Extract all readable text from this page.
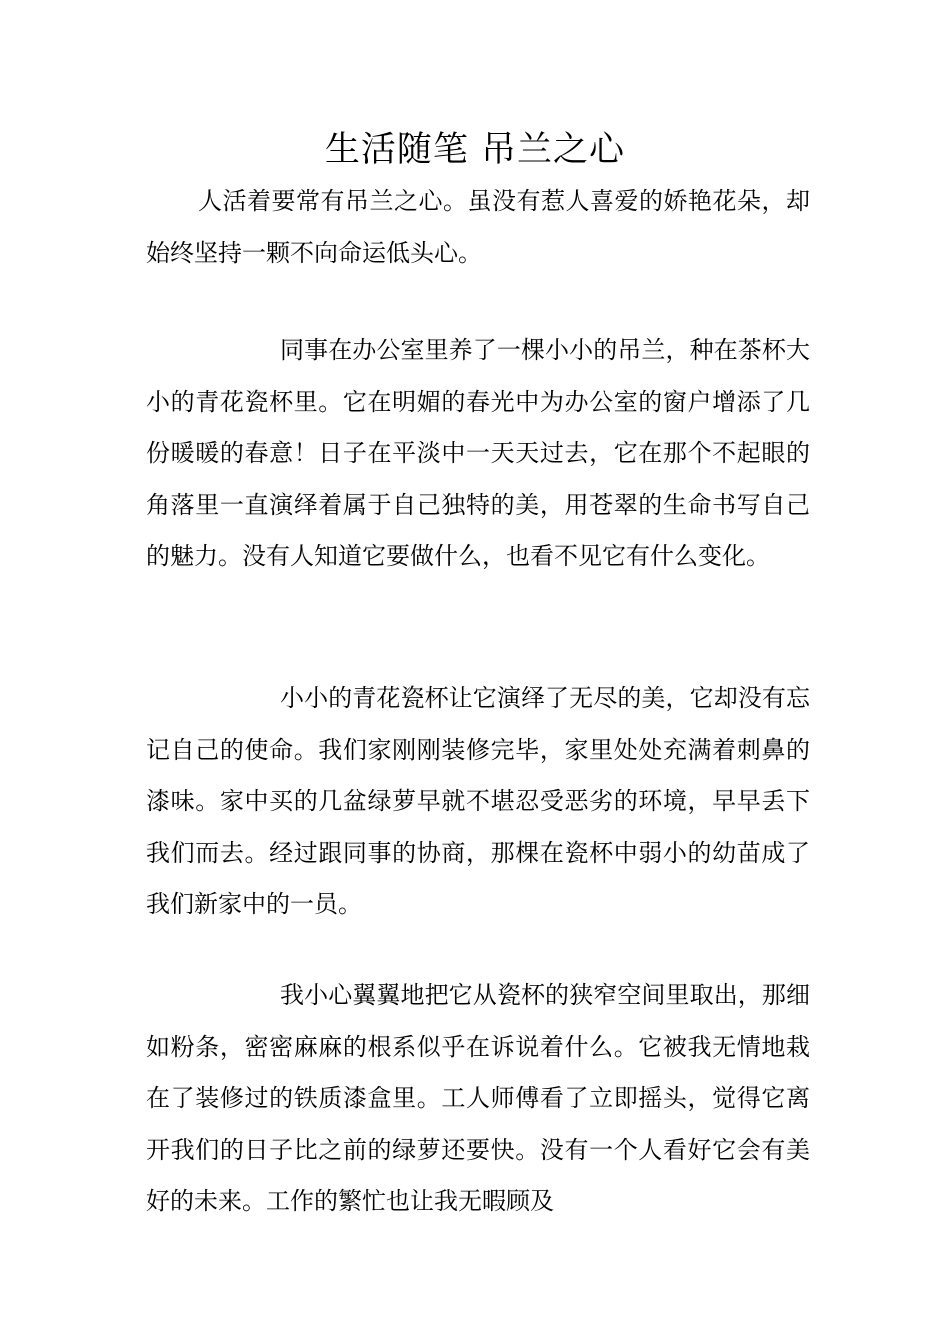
生活随笔 吊兰之心

人活着要常有吊兰之心。虽没有惹人喜爱的娇艳花朵，却始终坚持一颗不向命运低头心。

同事在办公室里养了一棵小小的吊兰，种在茶杯大小的青花瓷杯里。它在明媚的春光中为办公室的窗户增添了几份暖暖的春意！日子在平淡中一天天过去，它在那个不起眼的角落里一直演绎着属于自己独特的美，用苍翠的生命书写自己的魅力。没有人知道它要做什么，也看不见它有什么变化。

小小的青花瓷杯让它演绎了无尽的美，它却没有忘记自己的使命。我们家刚刚装修完毕，家里处处充满着刺鼻的漆味。家中买的几盆绿萝早就不堪忍受恶劣的环境，早早丢下我们而去。经过跟同事的协商，那棵在瓷杯中弱小的幼苗成了我们新家中的一员。

我小心翼翼地把它从瓷杯的狭窄空间里取出，那细如粉条，密密麻麻的根系似乎在诉说着什么。它被我无情地栽在了装修过的铁质漆盒里。工人师傅看了立即摇头，觉得它离开我们的日子比之前的绿萝还要快。没有一个人看好它会有美好的未来。工作的繁忙也让我无暇顾及
